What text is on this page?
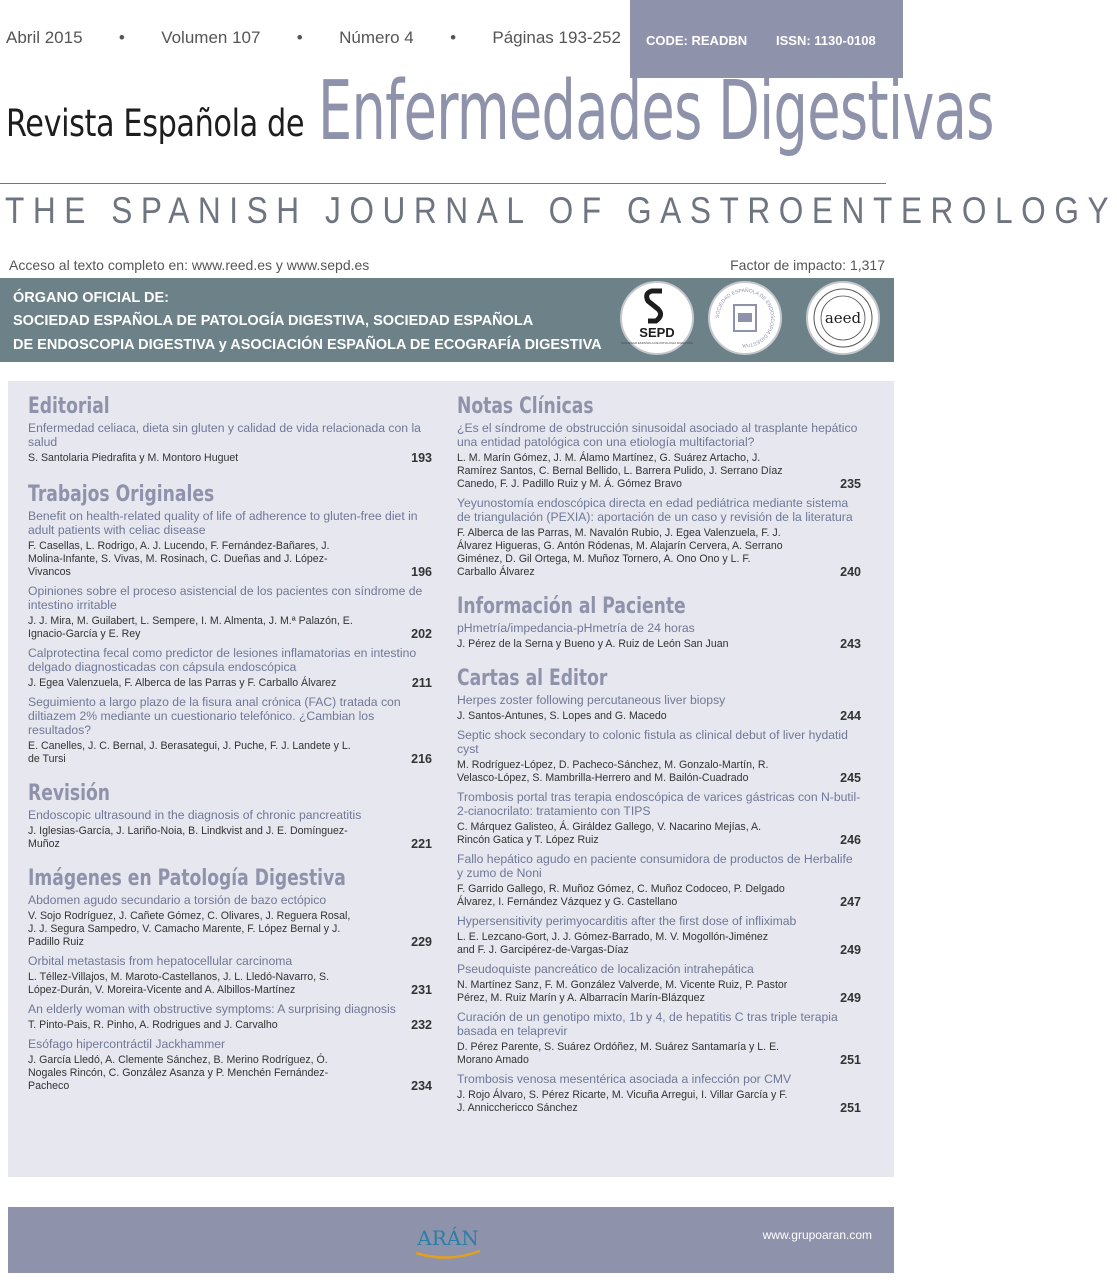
Abril 2015 • Volumen 107 • Número 4 • Páginas 193-252 CODE: READBN ISSN: 1130-0108
Revista Española de Enfermedades Digestivas
THE SPANISH JOURNAL OF GASTROENTEROLOGY
Acceso al texto completo en: www.reed.es y www.sepd.es	Factor de impacto: 1,317
ÓRGANO OFICIAL DE:
SOCIEDAD ESPAÑOLA DE PATOLOGÍA DIGESTIVA, SOCIEDAD ESPAÑOLA
DE ENDOSCOPIA DIGESTIVA y ASOCIACIÓN ESPAÑOLA DE ECOGRAFÍA DIGESTIVA
SEPD
SOCIEDAD ESPAÑOLA DE PATOLOGÍA DIGESTIVA
SOCIEDAD ESPAÑOLA DE ENDOSCOPIA DIGESTIVA
aeed
Editorial

Enfermedad celiaca, dieta sin gluten y calidad de vida relacionada con la salud

S. Santolaria Piedrafita y M. Montoro Huguet	193
Trabajos Originales

Benefit on health-related quality of life of adherence to gluten-free diet in adult patients with celiac disease

F. Casellas, L. Rodrigo, A. J. Lucendo, F. Fernández-Bañares, J. Molina-Infante, S. Vivas, M. Rosinach, C. Dueñas and J. López-Vivancos	196

Opiniones sobre el proceso asistencial de los pacientes con síndrome de intestino irritable

J. J. Mira, M. Guilabert, L. Sempere, I. M. Almenta, J. M.ª Palazón, E. Ignacio-García y E. Rey	202

Calprotectina fecal como predictor de lesiones inflamatorias en intestino delgado diagnosticadas con cápsula endoscópica

J. Egea Valenzuela, F. Alberca de las Parras y F. Carballo Álvarez	211

Seguimiento a largo plazo de la fisura anal crónica (FAC) tratada con diltiazem 2% mediante un cuestionario telefónico. ¿Cambian los resultados?

E. Canelles, J. C. Bernal, J. Berasategui, J. Puche, F. J. Landete y L. de Tursi	216
Revisión

Endoscopic ultrasound in the diagnosis of chronic pancreatitis

J. Iglesias-García, J. Lariño-Noia, B. Lindkvist and J. E. Domínguez-Muñoz	221
Imágenes en Patología Digestiva

Abdomen agudo secundario a torsión de bazo ectópico

V. Sojo Rodríguez, J. Cañete Gómez, C. Olivares, J. Reguera Rosal, J. J. Segura Sampedro, V. Camacho Marente, F. López Bernal y J. Padillo Ruiz	229

Orbital metastasis from hepatocellular carcinoma

L. Téllez-Villajos, M. Maroto-Castellanos, J. L. Lledó-Navarro, S. López-Durán, V. Moreira-Vicente and A. Albillos-Martínez	231

An elderly woman with obstructive symptoms: A surprising diagnosis

T. Pinto-Pais, R. Pinho, A. Rodrigues and J. Carvalho	232

Esófago hipercontráctil Jackhammer

J. García Lledó, A. Clemente Sánchez, B. Merino Rodríguez, Ó. Nogales Rincón, C. González Asanza y P. Menchén Fernández-Pacheco	234
Notas Clínicas

¿Es el síndrome de obstrucción sinusoidal asociado al trasplante hepático una entidad patológica con una etiología multifactorial?

L. M. Marín Gómez, J. M. Álamo Martínez, G. Suárez Artacho, J. Ramírez Santos, C. Bernal Bellido, L. Barrera Pulido, J. Serrano Díaz Canedo, F. J. Padillo Ruiz y M. Á. Gómez Bravo	235

Yeyunostomía endoscópica directa en edad pediátrica mediante sistema de triangulación (PEXIA): aportación de un caso y revisión de la literatura

F. Alberca de las Parras, M. Navalón Rubio, J. Egea Valenzuela, F. J. Álvarez Higueras, G. Antón Ródenas, M. Alajarín Cervera, A. Serrano Giménez, D. Gil Ortega, M. Muñoz Tornero, A. Ono Ono y L. F. Carballo Álvarez	240
Información al Paciente

pHmetría/impedancia-pHmetría de 24 horas

J. Pérez de la Serna y Bueno y A. Ruiz de León San Juan	243
Cartas al Editor

Herpes zoster following percutaneous liver biopsy

J. Santos-Antunes, S. Lopes and G. Macedo	244

Septic shock secondary to colonic fistula as clinical debut of liver hydatid cyst

M. Rodríguez-López, D. Pacheco-Sánchez, M. Gonzalo-Martín, R. Velasco-López, S. Mambrilla-Herrero and M. Bailón-Cuadrado	245

Trombosis portal tras terapia endoscópica de varices gástricas con N-butil-2-cianocrilato: tratamiento con TIPS

C. Márquez Galisteo, Á. Giráldez Gallego, V. Nacarino Mejías, A. Rincón Gatica y T. López Ruiz	246

Fallo hepático agudo en paciente consumidora de productos de Herbalife y zumo de Noni

F. Garrido Gallego, R. Muñoz Gómez, C. Muñoz Codoceo, P. Delgado Álvarez, I. Fernández Vázquez y G. Castellano	247

Hypersensitivity perimyocarditis after the first dose of infliximab

L. E. Lezcano-Gort, J. J. Gómez-Barrado, M. V. Mogollón-Jiménez and F. J. Garcipérez-de-Vargas-Díaz	249

Pseudoquiste pancreático de localización intrahepática

N. Martínez Sanz, F. M. González Valverde, M. Vicente Ruiz, P. Pastor Pérez, M. Ruiz Marín y A. Albarracín Marín-Blázquez	249

Curación de un genotipo mixto, 1b y 4, de hepatitis C tras triple terapia basada en telaprevir

D. Pérez Parente, S. Suárez Ordóñez, M. Suárez Santamaría y L. E. Morano Amado	251

Trombosis venosa mesentérica asociada a infección por CMV

J. Rojo Álvaro, S. Pérez Ricarte, M. Vicuña Arregui, I. Villar García y F. J. Annicchericco Sánchez	251
ARÁN	www.grupoaran.com
